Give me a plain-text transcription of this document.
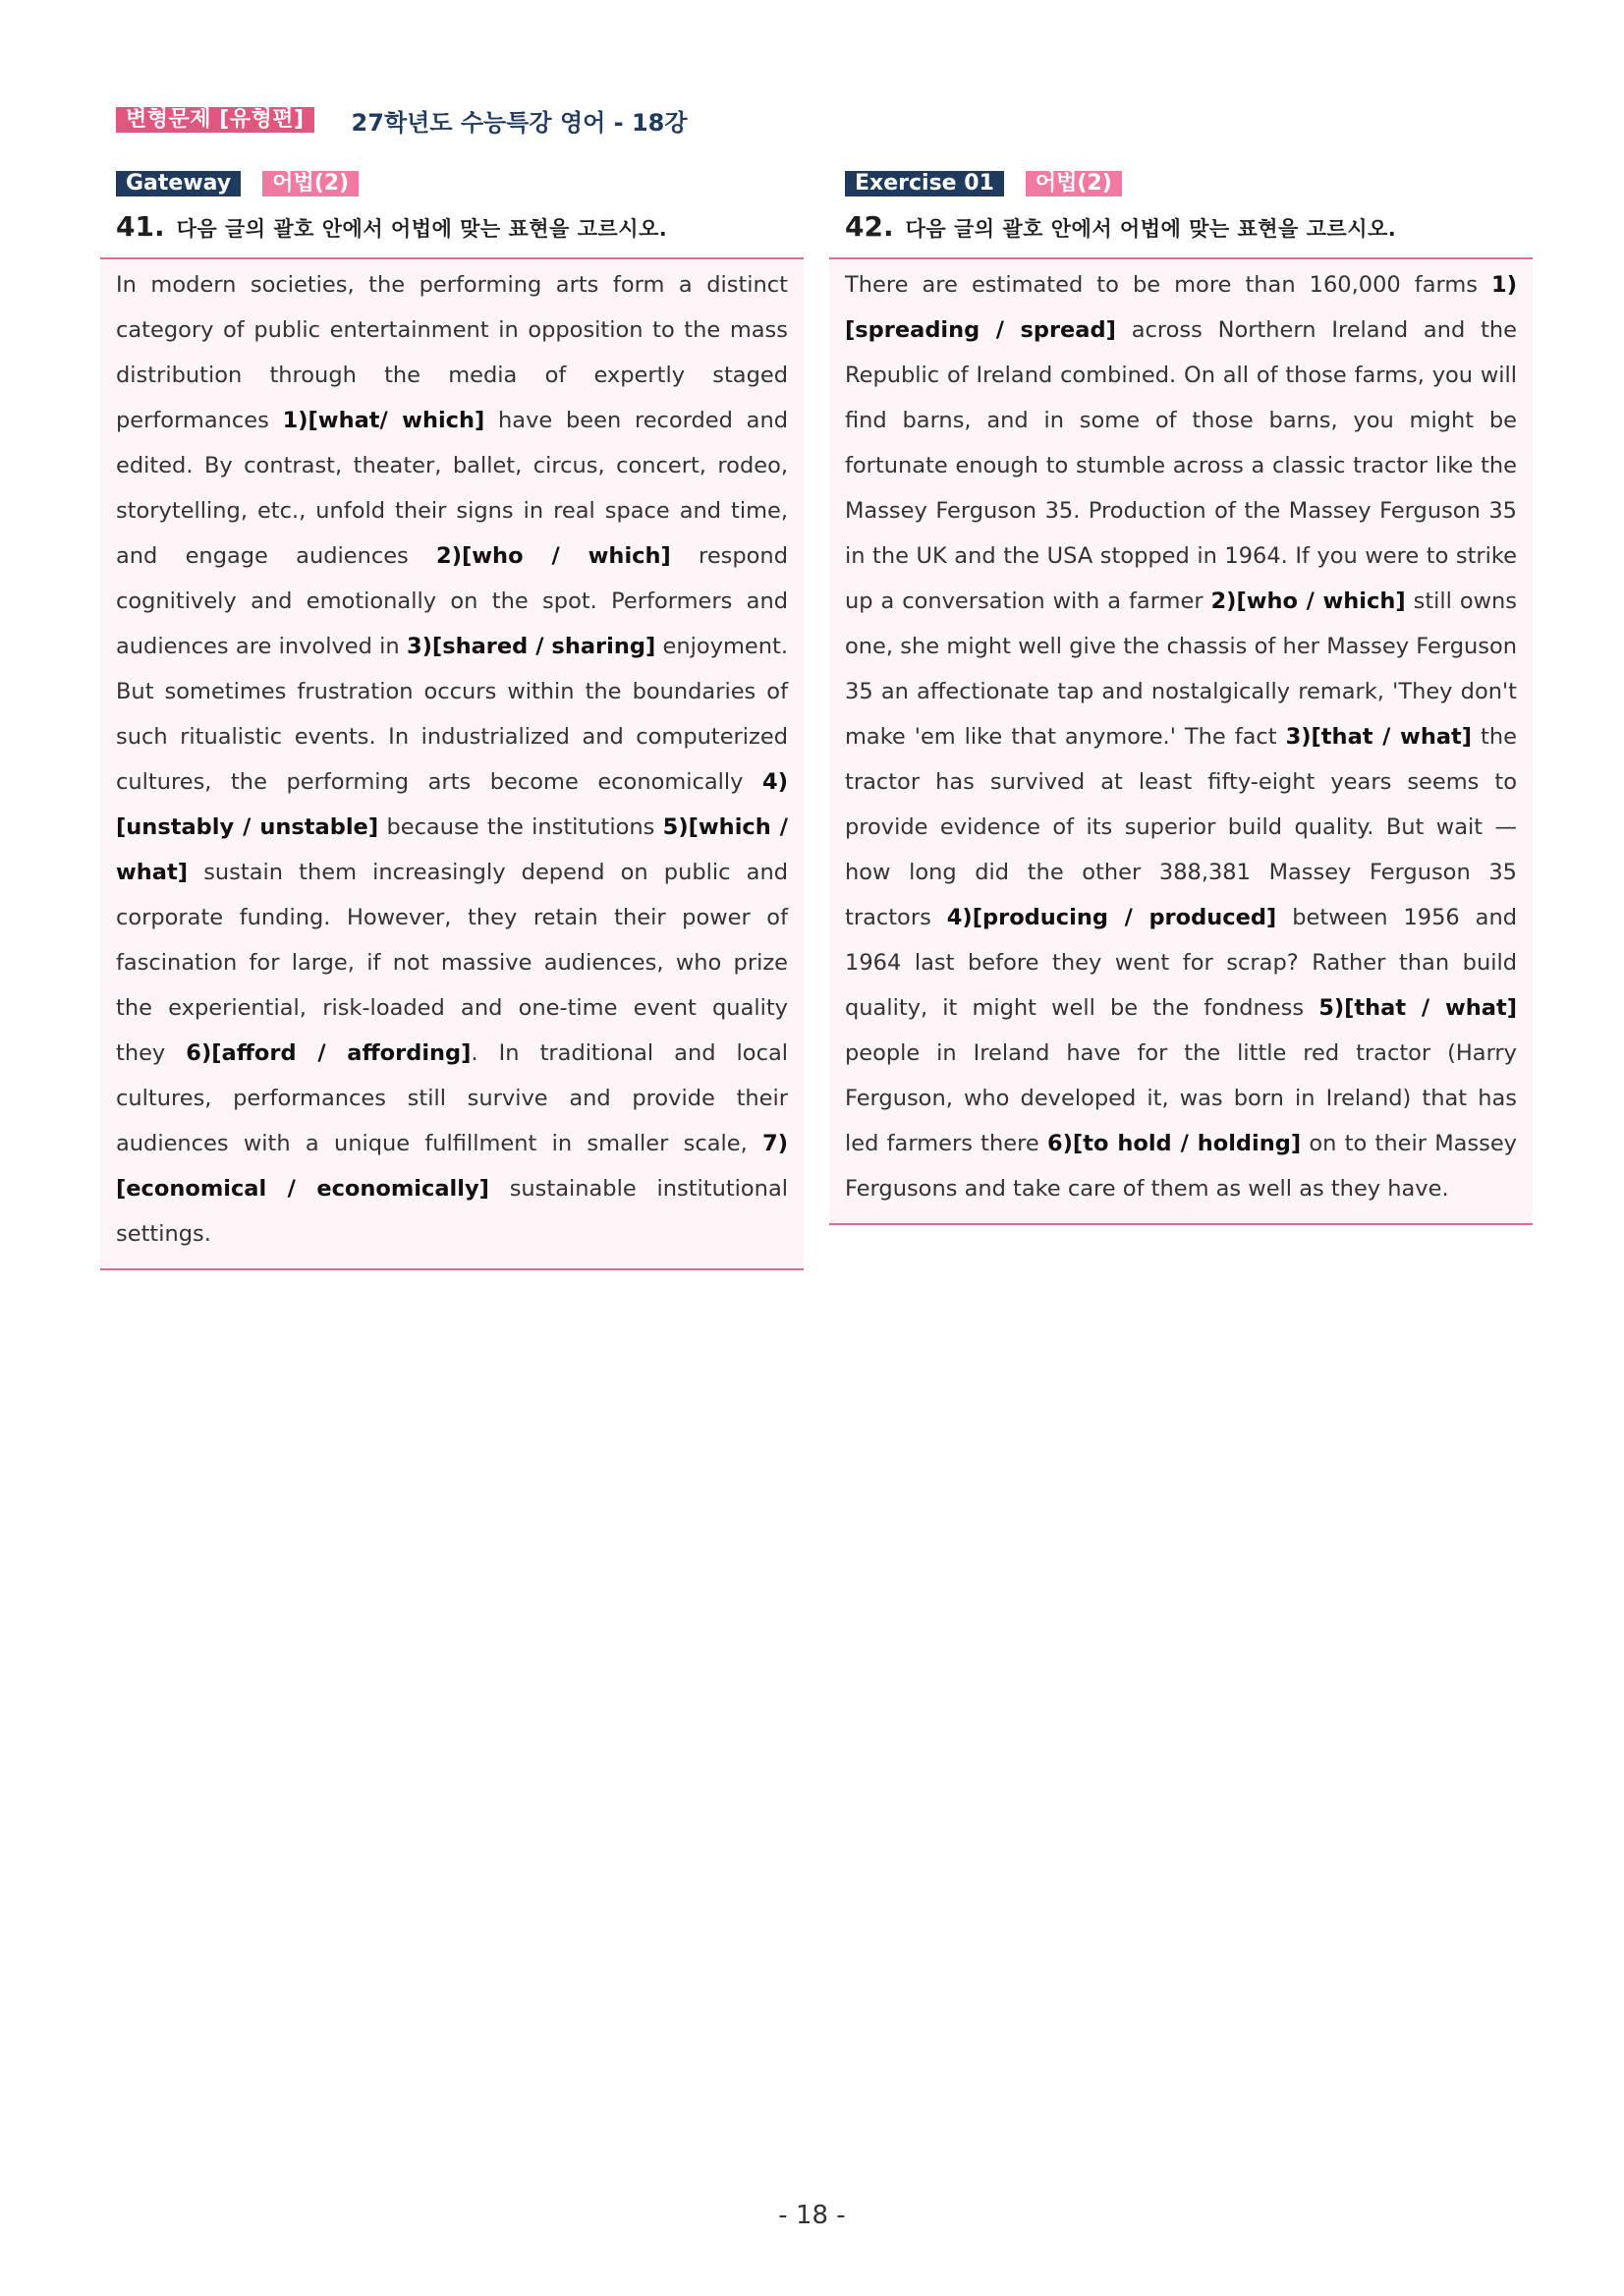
변형문제 [유형편]	27학년도 수능특강 영어 - 18강
Gateway	어법(2)
41. 다음 글의 괄호 안에서 어법에 맞는 표현을 고르시오.
In modern societies, the performing arts form a distinct category of public entertainment in opposition to the mass distribution through the media of expertly staged performances 1)[what/ which] have been recorded and edited. By contrast, theater, ballet, circus, concert, rodeo, storytelling, etc., unfold their signs in real space and time, and engage audiences 2)[who / which] respond cognitively and emotionally on the spot. Performers and audiences are involved in 3)[shared / sharing] enjoyment. But sometimes frustration occurs within the boundaries of such ritualistic events. In industrialized and computerized cultures, the performing arts become economically 4)[unstably / unstable] because the institutions 5)[which / what] sustain them increasingly depend on public and corporate funding. However, they retain their power of fascination for large, if not massive audiences, who prize the experiential, risk-loaded and one-time event quality they 6)[afford / affording]. In traditional and local cultures, performances still survive and provide their audiences with a unique fulfillment in smaller scale, 7)[economical / economically] sustainable institutional settings.
Exercise 01	어법(2)
42. 다음 글의 괄호 안에서 어법에 맞는 표현을 고르시오.
There are estimated to be more than 160,000 farms 1)[spreading / spread] across Northern Ireland and the Republic of Ireland combined. On all of those farms, you will find barns, and in some of those barns, you might be fortunate enough to stumble across a classic tractor like the Massey Ferguson 35. Production of the Massey Ferguson 35 in the UK and the USA stopped in 1964. If you were to strike up a conversation with a farmer 2)[who / which] still owns one, she might well give the chassis of her Massey Ferguson 35 an affectionate tap and nostalgically remark, 'They don't make 'em like that anymore.' The fact 3)[that / what] the tractor has survived at least fifty-eight years seems to provide evidence of its superior build quality. But wait — how long did the other 388,381 Massey Ferguson 35 tractors 4)[producing / produced] between 1956 and 1964 last before they went for scrap? Rather than build quality, it might well be the fondness 5)[that / what] people in Ireland have for the little red tractor (Harry Ferguson, who developed it, was born in Ireland) that has led farmers there 6)[to hold / holding] on to their Massey Fergusons and take care of them as well as they have.
- 18 -
